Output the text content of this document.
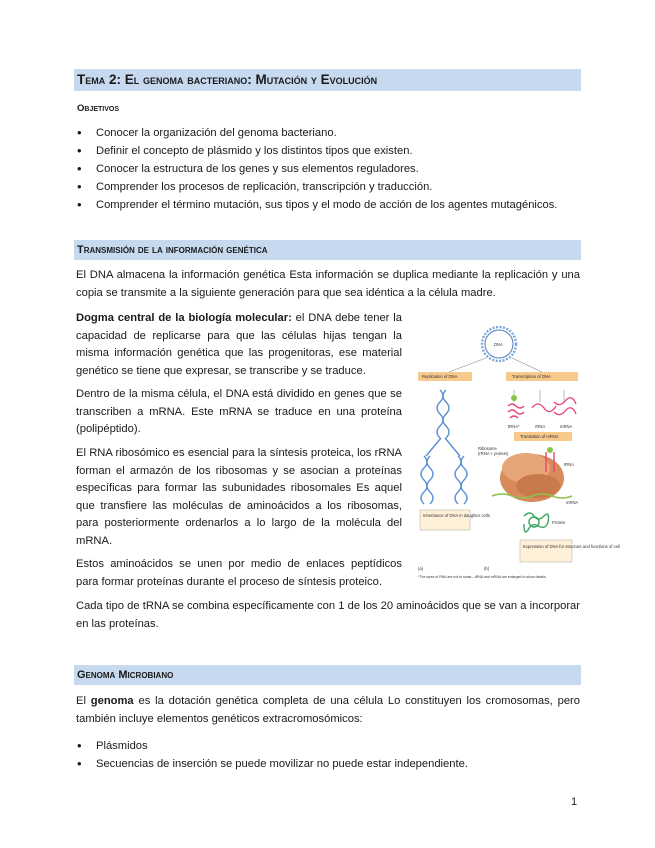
Tema 2: El genoma bacteriano: Mutación y Evolución
Objetivos
• Conocer la organización del genoma bacteriano.
• Definir el concepto de plásmido y los distintos tipos que existen.
• Conocer la estructura de los genes y sus elementos reguladores.
• Comprender los procesos de replicación, transcripción y traducción.
• Comprender el término mutación, sus tipos y el modo de acción de los agentes mutagénicos.
Transmisión de la información genética

El DNA almacena la información genética Esta información se duplica mediante la replicación y una copia se transmite a la siguiente generación para que sea idéntica a la célula madre.

Dogma central de la biología molecular: el DNA debe tener la capacidad de replicarse para que las células hijas tengan la misma información genética que las progenitoras, ese material genético se tiene que expresar, se transcribe y se traduce.

Dentro de la misma célula, el DNA está dividido en genes que se transcriben a mRNA. Este mRNA se traduce en una proteína (polipéptido).

El RNA ribosómico es esencial para la síntesis proteica, los rRNA forman el armazón de los ribosomas y se asocian a proteínas específicas para formar las subunidades ribosomales Es aquel que transfiere las moléculas de aminoácidos a los ribosomas, para posteriormente ordenarlos a lo largo de la molécula del mRNA.

Estos aminoácidos se unen por medio de enlaces peptídicos para formar proteínas durante el proceso de síntesis proteico.

Cada tipo de tRNA se combina específicamente con 1 de los 20 aminoácidos que se van a incorporar en las proteínas.

DNA
Replication of DNA	Transcription of DNA
Inheritance of DNA in daughter cells
tRNA*	rRNA	mRNA
Translation of mRNA
Ribosome
(rRNA + protein)
tRNA
mRNA
Protein
Expression of DNA for structure and functions of cell
(a)	(b)
*The sizes of RNA are not to scale—tRNA and mRNA are enlarged to show details.
Genoma Microbiano

El genoma es la dotación genética completa de una célula Lo constituyen los cromosomas, pero también incluye elementos genéticos extracromosómicos:

• Plásmidos
• Secuencias de inserción se puede movilizar no puede estar independiente.
1
